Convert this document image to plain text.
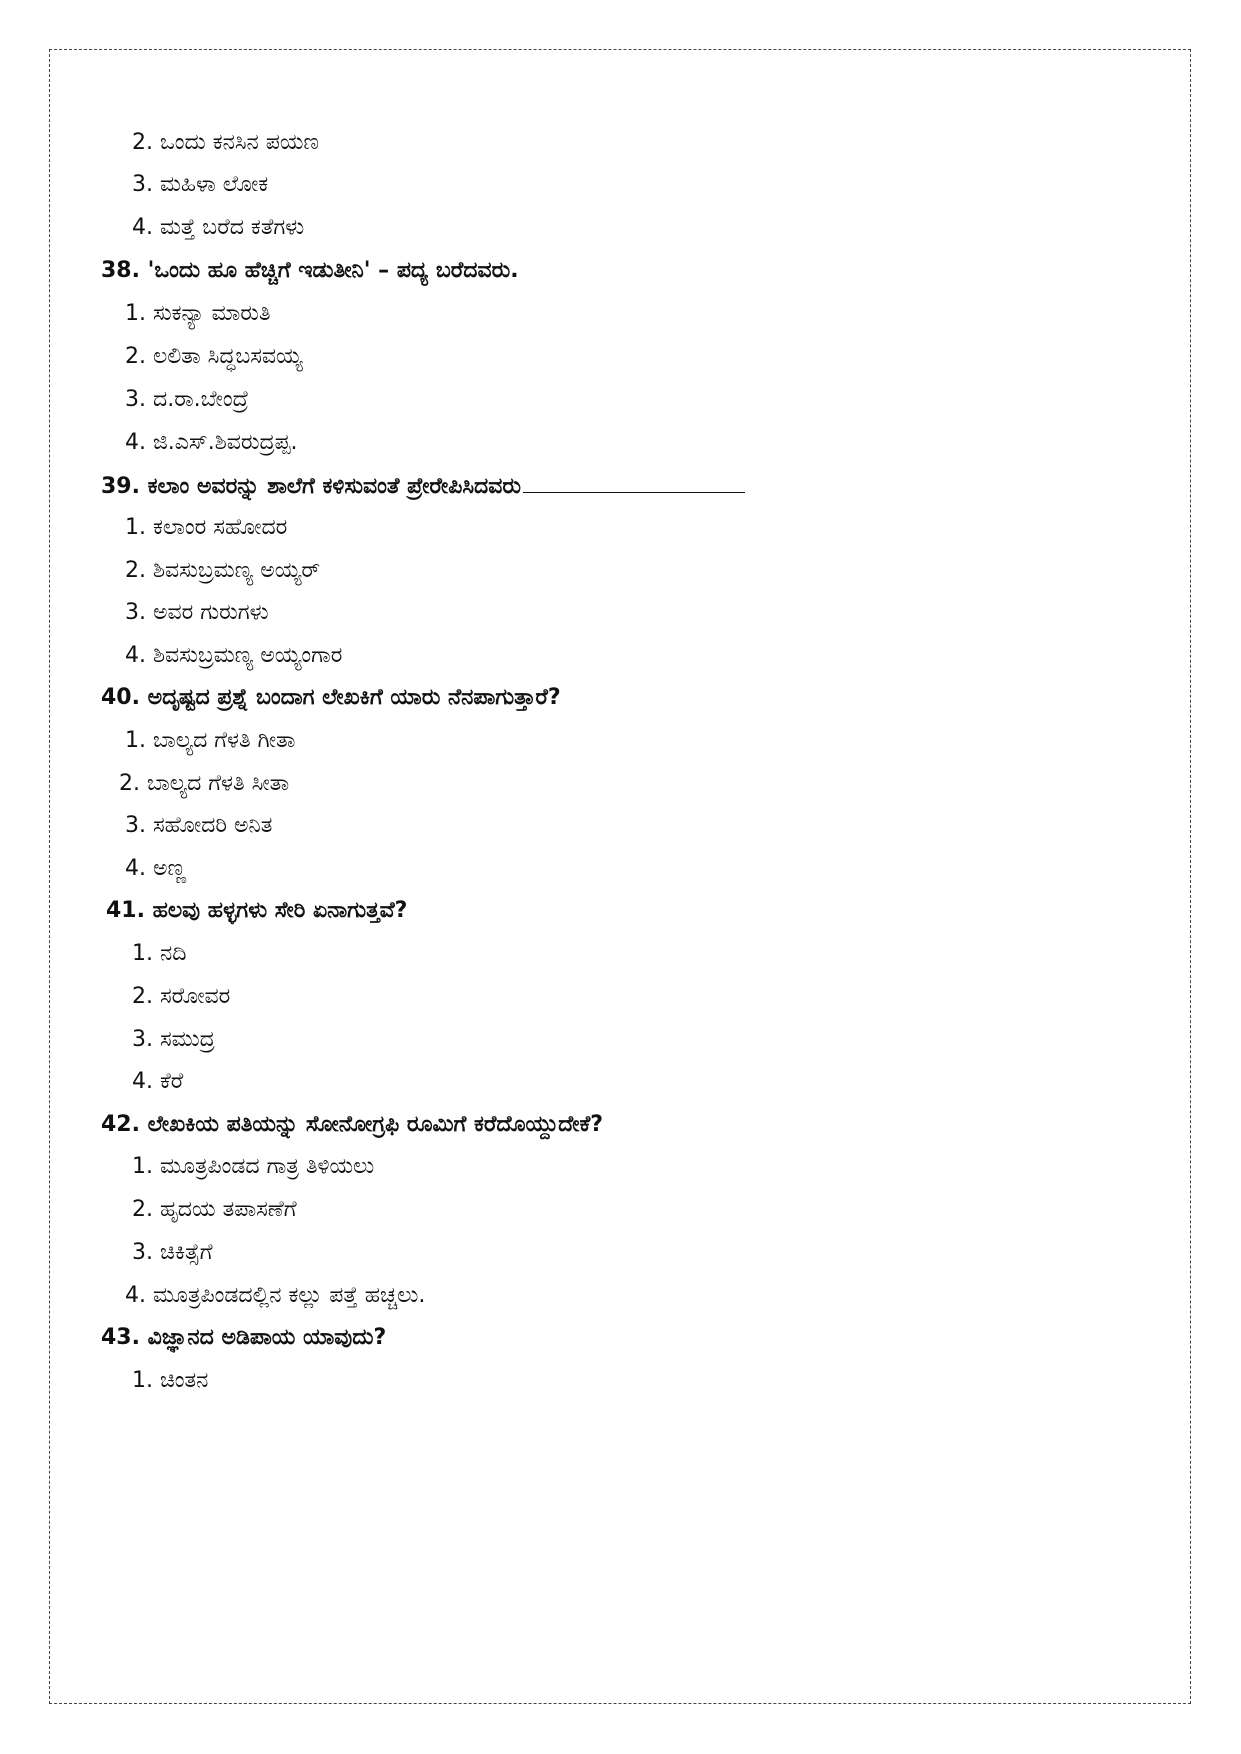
2. ಒಂದು ಕನಸಿನ ಪಯಣ
3. ಮಹಿಳಾ ಲೋಕ
4. ಮತ್ತೆ ಬರೆದ ಕತೆಗಳು
38. 'ಒಂದು ಹೂ ಹೆಚ್ಚಿಗೆ ಇಡುತೀನಿ' – ಪದ್ಯ ಬರೆದವರು.
1. ಸುಕನ್ಯಾ ಮಾರುತಿ
2. ಲಲಿತಾ ಸಿದ್ಧಬಸವಯ್ಯ
3. ದ.ರಾ.ಬೇಂದ್ರೆ
4. ಜಿ.ಎಸ್.ಶಿವರುದ್ರಪ್ಪ.
39. ಕಲಾಂ ಅವರನ್ನು ಶಾಲೆಗೆ ಕಳಿಸುವಂತೆ ಪ್ರೇರೇಪಿಸಿದವರು
1. ಕಲಾಂರ ಸಹೋದರ
2. ಶಿವಸುಬ್ರಮಣ್ಯ ಅಯ್ಯರ್
3. ಅವರ ಗುರುಗಳು
4. ಶಿವಸುಬ್ರಮಣ್ಯ ಅಯ್ಯಂಗಾರ
40. ಅದೃಷ್ಟದ ಪ್ರಶ್ನೆ ಬಂದಾಗ ಲೇಖಕಿಗೆ ಯಾರು ನೆನಪಾಗುತ್ತಾರೆ?
1. ಬಾಲ್ಯದ ಗೆಳತಿ ಗೀತಾ
2. ಬಾಲ್ಯದ ಗೆಳತಿ ಸೀತಾ
3. ಸಹೋದರಿ ಅನಿತ
4. ಅಣ್ಣ
41. ಹಲವು ಹಳ್ಳಗಳು ಸೇರಿ ಏನಾಗುತ್ತವೆ?
1. ನದಿ
2. ಸರೋವರ
3. ಸಮುದ್ರ
4. ಕೆರೆ
42. ಲೇಖಕಿಯ ಪತಿಯನ್ನು ಸೋನೋಗ್ರಫಿ ರೂಮಿಗೆ ಕರೆದೊಯ್ದುದೇಕೆ?
1. ಮೂತ್ರಪಿಂಡದ ಗಾತ್ರ ತಿಳಿಯಲು
2. ಹೃದಯ ತಪಾಸಣೆಗೆ
3. ಚಿಕಿತ್ಸೆಗೆ
4. ಮೂತ್ರಪಿಂಡದಲ್ಲಿನ ಕಲ್ಲು ಪತ್ತೆ ಹಚ್ಚಲು.
43. ವಿಜ್ಞಾನದ ಅಡಿಪಾಯ ಯಾವುದು?
1. ಚಿಂತನ
